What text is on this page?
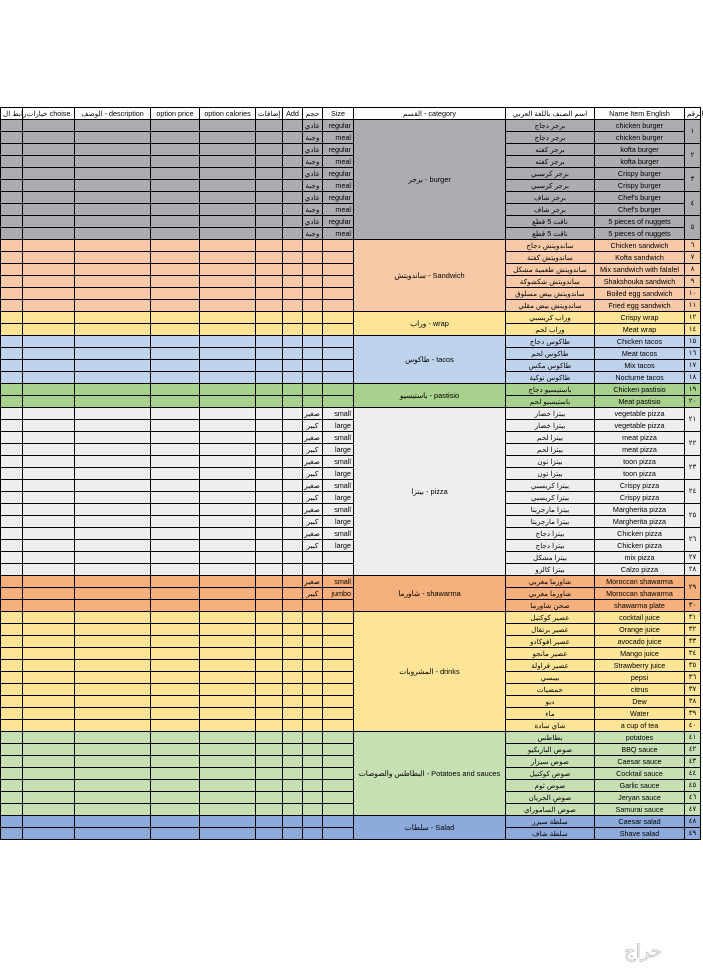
رابط ال	خيارات choise	الوصف - description	option price	option calories	إضافات	Add	حجم	Size	القسم - category	اسم الصنف باللغة العربي	Name Item English	الرقم
							عادي	regular	برجر - burger	برجر دجاج	chicken burger	١
							وجبة	meal		برجر دجاج	chicken burger	
							عادي	regular		برجر كفته	kofta burger	٢
							وجبة	meal		برجر كفته	kofta burger	
							عادي	regular		برجر كرسبي	Crispy burger	٣
							وجبة	meal		برجر كرسبي	Crispy burger	
							عادي	regular		برجر شاف	Chef's burger	٤
							وجبة	meal		برجر شاف	Chef's burger	
							عادي	regular		ناقت 5 قطع	5 pieces of nuggets	٥
							وجبة	meal		ناقت 5 قطع	5 pieces of nuggets	
									ساندويتش - Sandwich	ساندويتش دجاج	Chicken sandwich	٦
										ساندويتش كفتة	Kofta sandwich	٧
										ساندويتش طعمية مشكل	Mix sandwich with falafel	٨
										ساندويتش شكشوكة	Shakshouka sandwich	٩
										ساندويتش بيض مسلوق	Boiled egg sandwich	١٠
										ساندويتش بيض مقلي	Fried egg sandwich	١١
									وراب - wrap	وراب كريسبي	Crispy wrap	١٢
										وراب لحم	Meat wrap	١٤
									طاكوس - tacos	طاكوس دجاج	Chicken tacos	١٥
										طاكوس لحم	Meat tacos	١٦
										طاكوس مكس	Mix tacos	١٧
										طاكوس نوكية	Nocturne tacos	١٨
									باستيسيو - pastisio	باستيسيو دجاج	Chicken pastisio	١٩
										باستيسيو لحم	Meat pastisio	٢٠
							صغير	small	بيتزا - pizza	بيتزا خضار	vegetable pizza	٢١
							كبير	large		بيتزا خضار	vegetable pizza	
							صغير	small		بيتزا لحم	meat pizza	٢٢
							كبير	large		بيتزا لحم	meat pizza	
							صغير	small		بيتزا تون	toon pizza	٢٣
							كبير	large		بيتزا تون	toon pizza	
							صغير	small		بيتزا كريسبي	Crispy pizza	٢٤
							كبير	large		بيتزا كريسبي	Crispy pizza	
							صغير	small		بيتزا مارجريتا	Margherita pizza	٢٥
							كبير	large		بيتزا مارجريتا	Margherita pizza	
							صغير	small		بيتزا دجاج	Chicken pizza	٢٦
							كبير	large		بيتزا دجاج	Chicken pizza	
										بيتزا مشكل	mix pizza	٢٧
										بيتزا كالزو	Calzo pizza	٢٨
							صغير	small	شاورما - shawarma	شاورما مغربي	Moroccan shawarma	٢٩
							كبير	jumbo		شاورما مغربي	Moroccan shawarma	
										صحن شاورما	shawarma plate	٣٠
									المشروبات - drinks	عصير كوكتيل	cocktail juice	٣١
										عصير برتقال	Orange juice	٣٢
										عصير افوكادو	avocado juice	٣٣
										عصير مانجو	Mango juice	٣٤
										عصير فراولة	Strawberry juice	٣٥
										بيبسي	pepsi	٣٦
										حمضيات	citrus	٣٧
										ديو	Dew	٣٨
										ماء	Water	٣٩
										شاي سادة	a cup of tea	٤٠
									البطاطس والصوصات - Potatoes and sauces	بطاطس	potatoes	٤١
										صوص الباربكيو	BBQ sauce	٤٢
										صوص سيزار	Caesar sauce	٤٣
										صوص كوكتيل	Cocktail sauce	٤٤
										صوص ثوم	Garlic sauce	٤٥
										صوص الجريان	Jeryan sauce	٤٦
										صوص الساموراي	Samurai sauce	٤٧
									سلطات - Salad	سلطة سيزر	Caesar salad	٤٨
										سلطة شاف	Shave salad	٤٩
حراج
